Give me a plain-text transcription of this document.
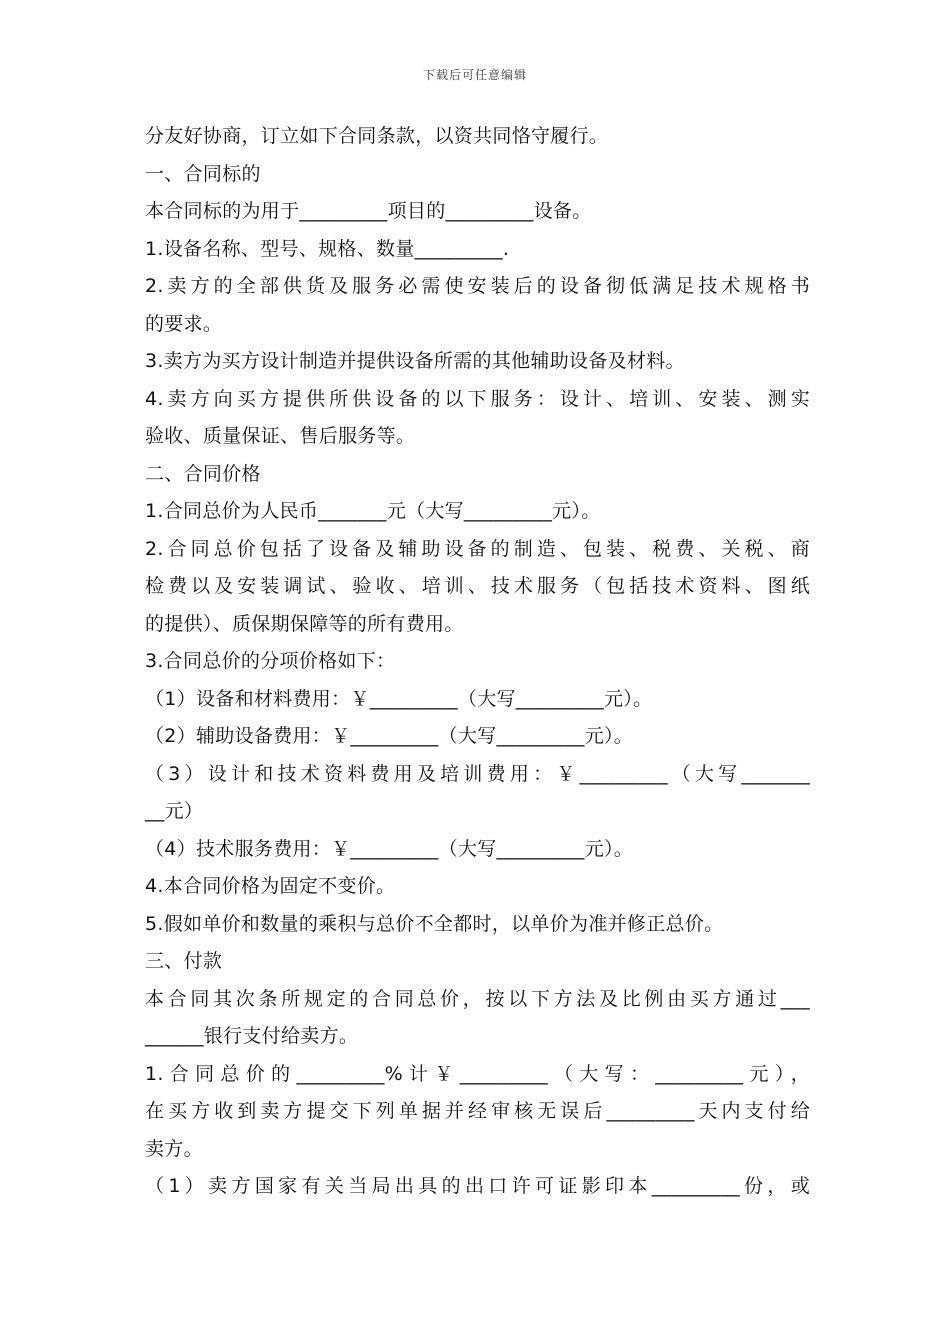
下载后可任意编辑
分友好协商，订立如下合同条款，以资共同恪守履行。
一、合同标的
本合同标的为用于_________项目的_________设备。
1.设备名称、型号、规格、数量_________.
2.卖方的全部供货及服务必需使安装后的设备彻低满足技术规格书
的要求。
3.卖方为买方设计制造并提供设备所需的其他辅助设备及材料。
4.卖方向买方提供所供设备的以下服务：设计、培训、安装、测实
验收、质量保证、售后服务等。
二、合同价格
1.合同总价为人民币_______元（大写_________元）。
2.合同总价包括了设备及辅助设备的制造、包装、税费、关税、商
检费以及安装调试、验收、培训、技术服务（包括技术资料、图纸
的提供）、质保期保障等的所有费用。
3.合同总价的分项价格如下：
（1）设备和材料费用：￥_________（大写_________元）。
（2）辅助设备费用：￥_________（大写_________元）。
（3）设计和技术资料费用及培训费用：￥_________（大写_______
__元）
（4）技术服务费用：￥_________（大写_________元）。
4.本合同价格为固定不变价。
5.假如单价和数量的乘积与总价不全都时，以单价为准并修正总价。
三、付款
本合同其次条所规定的合同总价，按以下方法及比例由买方通过___
______银行支付给卖方。
1.合同总价的_________%计￥_________（大写：_________元），
在买方收到卖方提交下列单据并经审核无误后_________天内支付给
卖方。
（1）卖方国家有关当局出具的出口许可证影印本_________份，或
